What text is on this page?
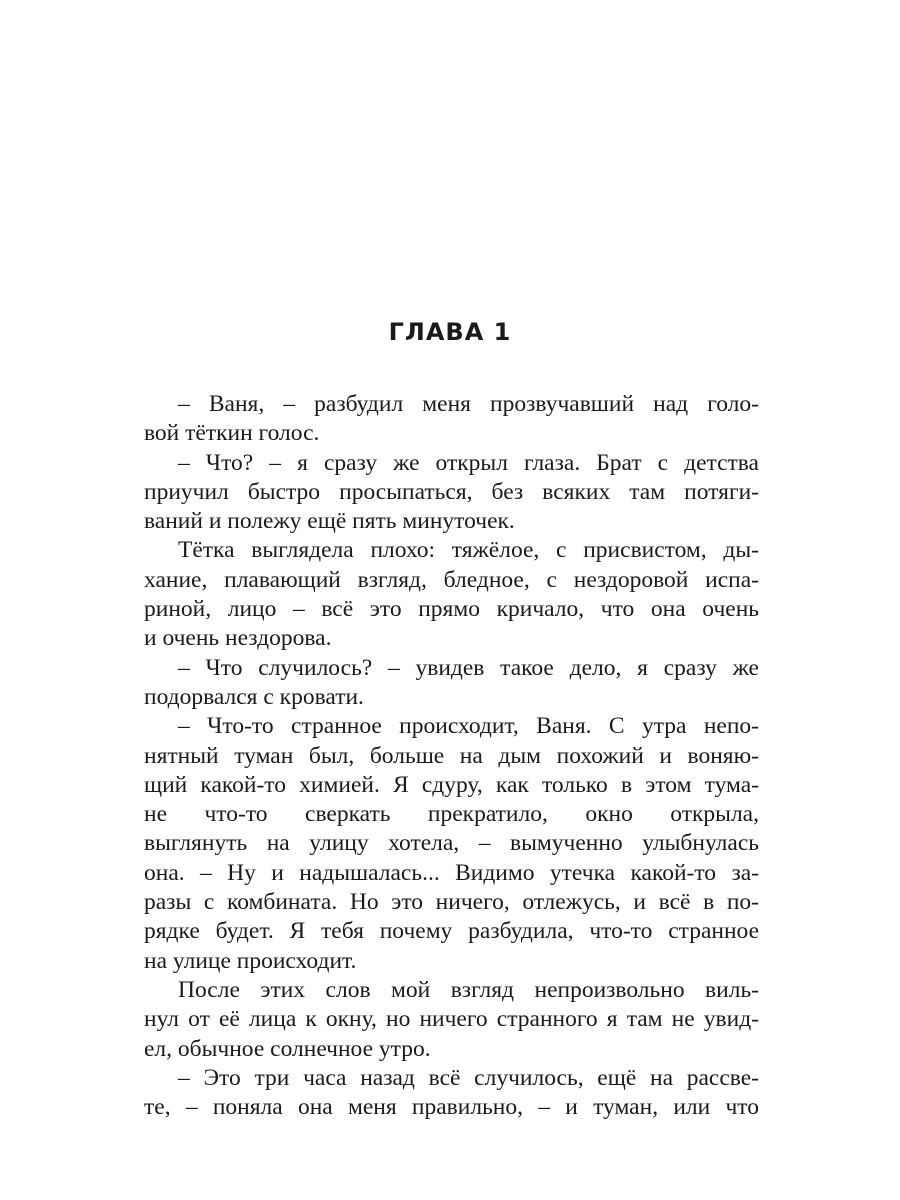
ГЛАВА 1
– Ваня, – разбудил меня прозвучавший над голо-
вой тёткин голос.
– Что? – я сразу же открыл глаза. Брат с детства
приучил быстро просыпаться, без всяких там потяги-
ваний и полежу ещё пять минуточек.
Тётка выглядела плохо: тяжёлое, с присвистом, ды-
хание, плавающий взгляд, бледное, с нездоровой испа-
риной, лицо – всё это прямо кричало, что она очень
и очень нездорова.
– Что случилось? – увидев такое дело, я сразу же
подорвался с кровати.
– Что-то странное происходит, Ваня. С утра непо-
нятный туман был, больше на дым похожий и воняю-
щий какой-то химией. Я сдуру, как только в этом тума-
не что-то сверкать прекратило, окно открыла,
выглянуть на улицу хотела, – вымученно улыбнулась
она. – Ну и надышалась... Видимо утечка какой-то за-
разы с комбината. Но это ничего, отлежусь, и всё в по-
рядке будет. Я тебя почему разбудила, что-то странное
на улице происходит.
После этих слов мой взгляд непроизвольно виль-
нул от её лица к окну, но ничего странного я там не увид-
ел, обычное солнечное утро.
– Это три часа назад всё случилось, ещё на рассве-
те, – поняла она меня правильно, – и туман, или что
